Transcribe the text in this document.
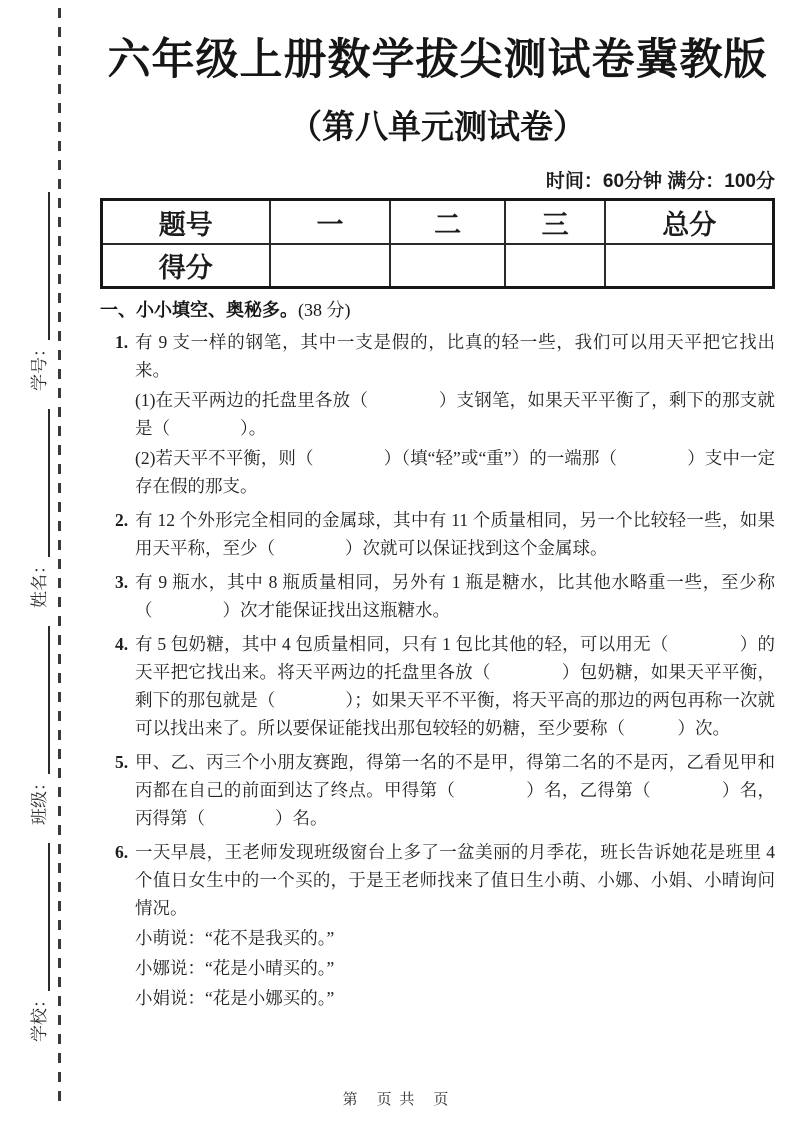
学校：
班级：
姓名：
学号：
六年级上册数学拔尖测试卷冀教版
（第八单元测试卷）
时间：60分钟 满分：100分
题号	一	二	三	总分
得分				
一、小小填空、奥秘多。(38 分)
1. 有 9 支一样的钢笔，其中一支是假的，比真的轻一些，我们可以用天平把它找出来。

(1)在天平两边的托盘里各放（　　　　）支钢笔，如果天平平衡了，剩下的那支就是（　　　　）。

(2)若天平不平衡，则（　　　　）（填“轻”或“重”）的一端那（　　　　）支中一定存在假的那支。

2. 有 12 个外形完全相同的金属球，其中有 11 个质量相同，另一个比较轻一些，如果用天平称，至少（　　　　）次就可以保证找到这个金属球。

3. 有 9 瓶水，其中 8 瓶质量相同，另外有 1 瓶是糖水，比其他水略重一些，至少称（　　　　）次才能保证找出这瓶糖水。

4. 有 5 包奶糖，其中 4 包质量相同，只有 1 包比其他的轻，可以用无（　　　　）的天平把它找出来。将天平两边的托盘里各放（　　　　）包奶糖，如果天平平衡，剩下的那包就是（　　　　）；如果天平不平衡，将天平高的那边的两包再称一次就可以找出来了。所以要保证能找出那包较轻的奶糖，至少要称（　　　）次。

5. 甲、乙、丙三个小朋友赛跑，得第一名的不是甲，得第二名的不是丙，乙看见甲和丙都在自己的前面到达了终点。甲得第（　　　　）名，乙得第（　　　　）名，丙得第（　　　　）名。

6. 一天早晨，王老师发现班级窗台上多了一盆美丽的月季花，班长告诉她花是班里 4 个值日女生中的一个买的，于是王老师找来了值日生小萌、小娜、小娟、小晴询问情况。

小萌说：“花不是我买的。”

小娜说：“花是小晴买的。”

小娟说：“花是小娜买的。”

第　页 共　页
